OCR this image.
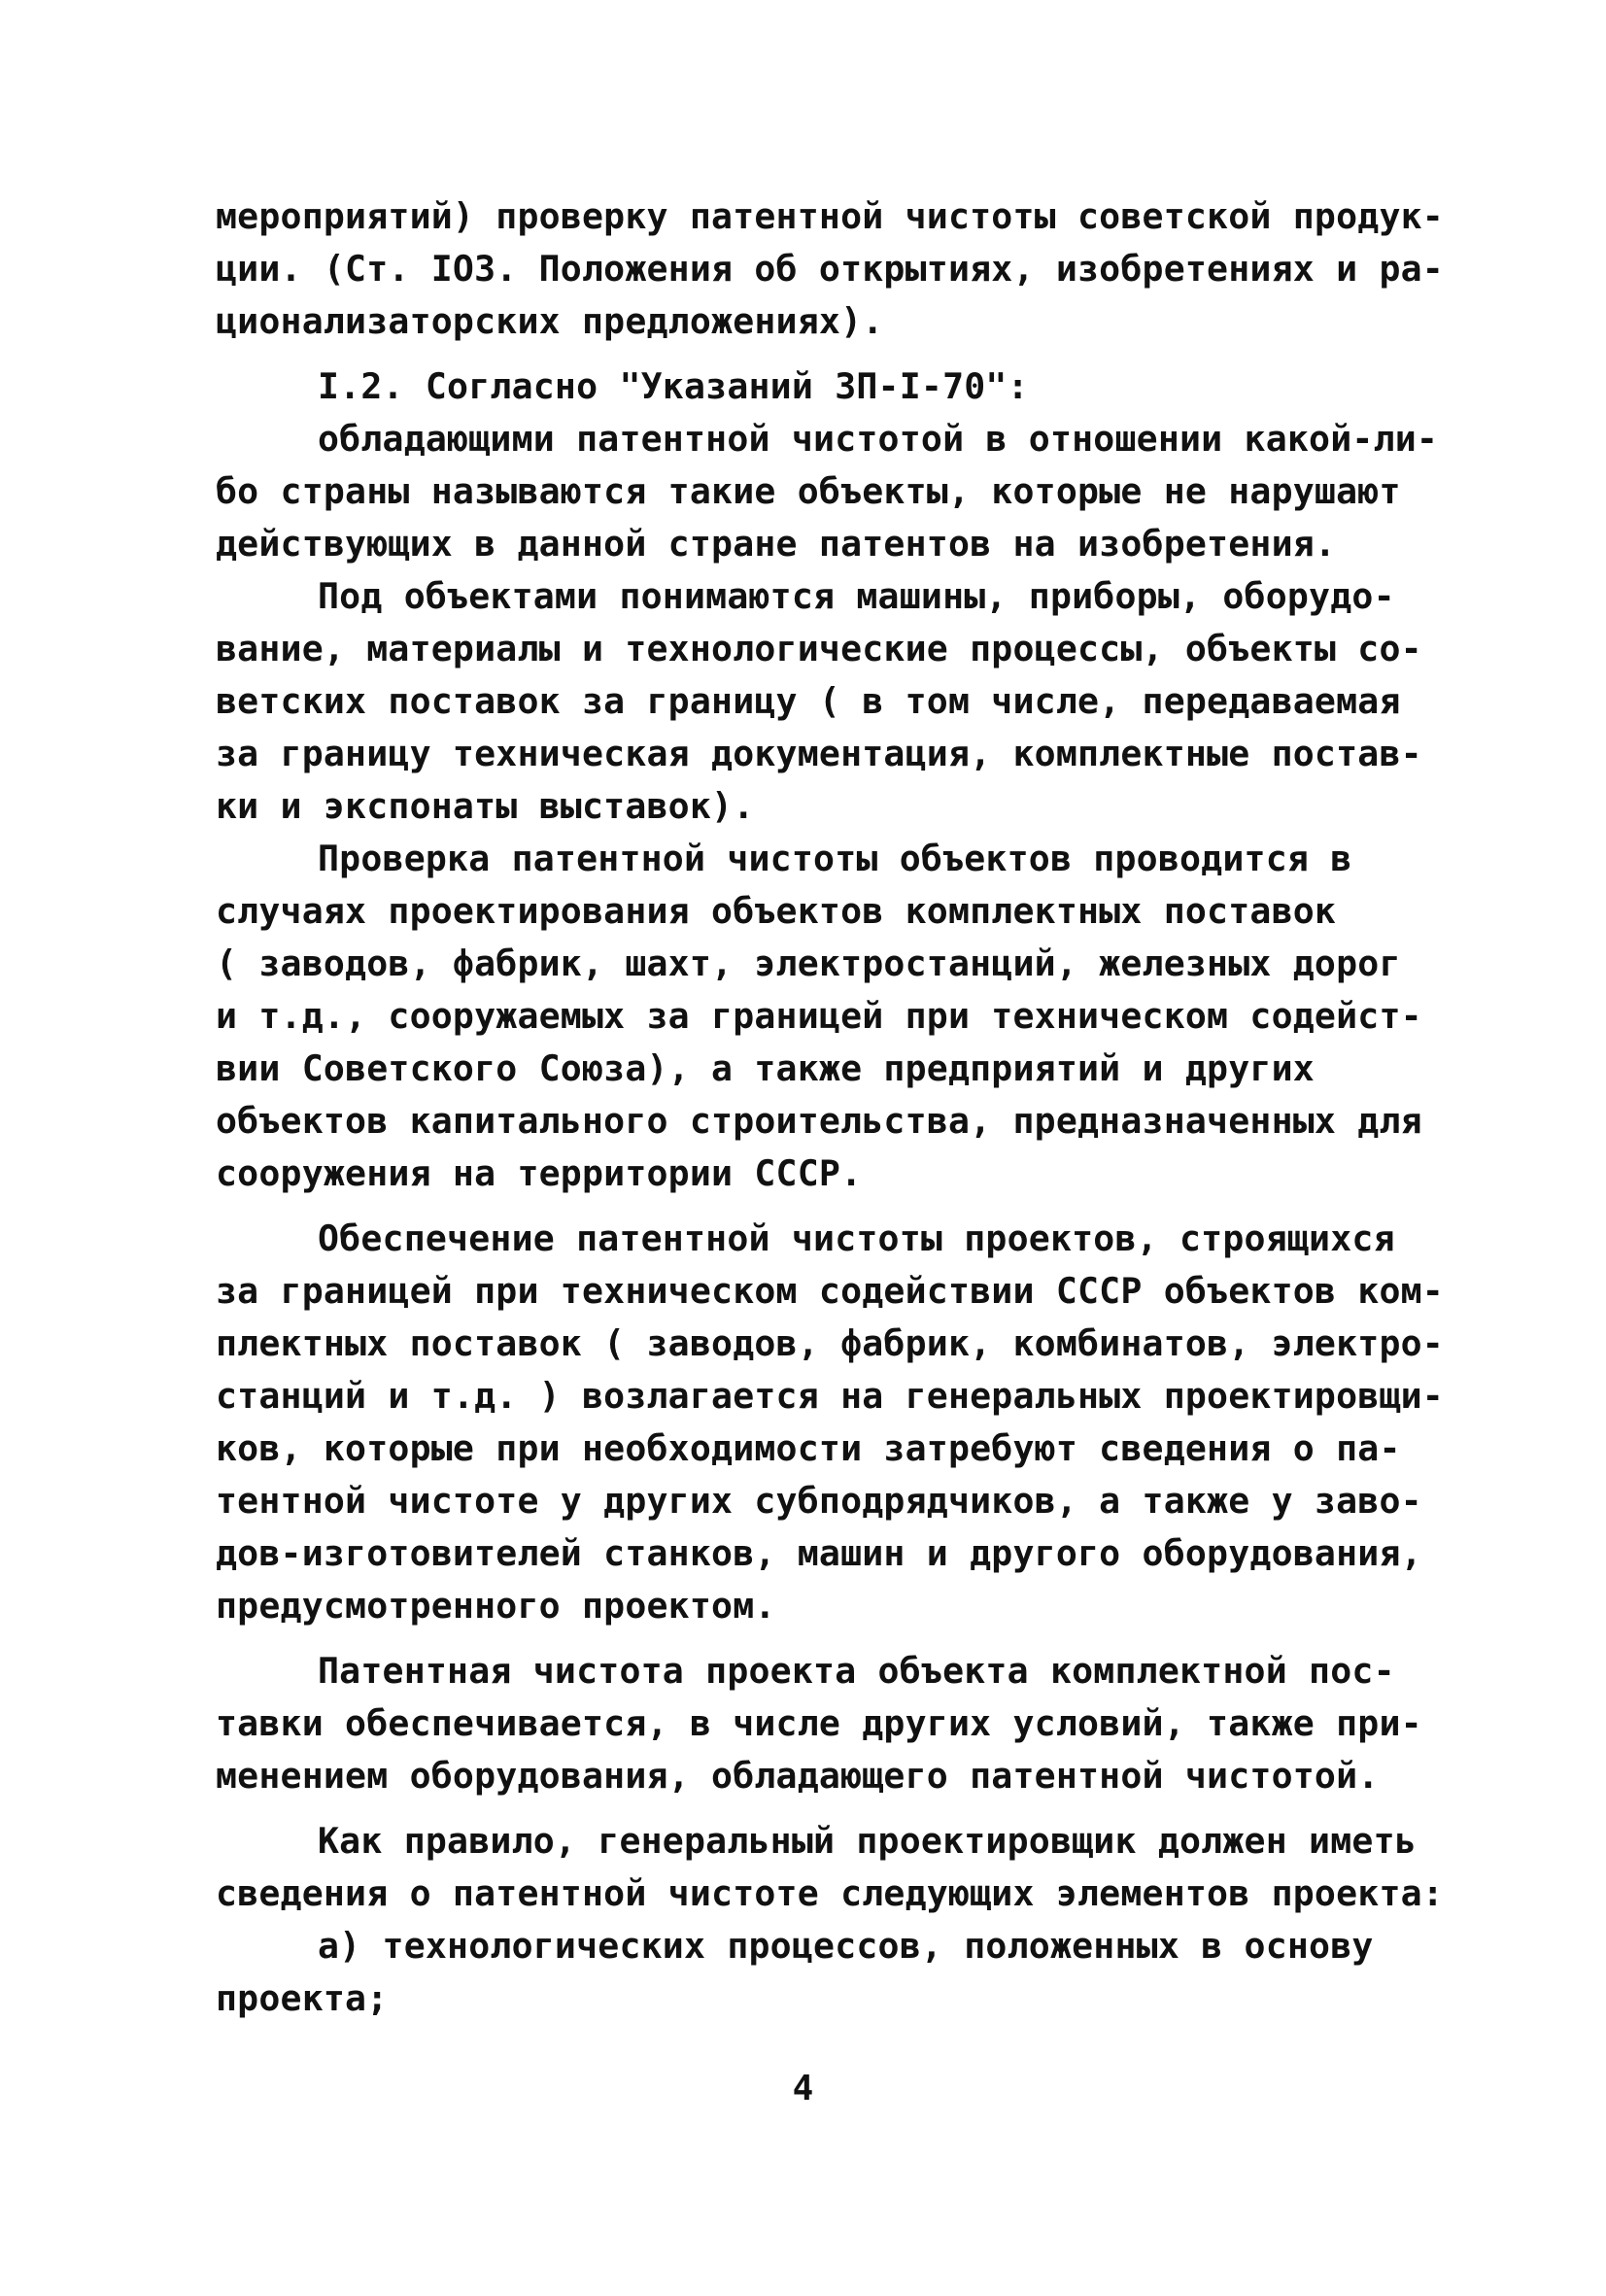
мероприятий) проверку патентной чистоты советской продук-
ции. (Ст. IO3. Положения об открытиях, изобретениях и ра-
ционализаторских предложениях).
I.2. Согласно "Указаний ЗП-I-70":
обладающими патентной чистотой в отношении какой-ли-
бо страны называются такие объекты, которые не нарушают
действующих в данной стране патентов на изобретения.
Под объектами понимаются машины, приборы, оборудо-
вание, материалы и технологические процессы, объекты со-
ветских поставок за границу ( в том числе, передаваемая
за границу техническая документация, комплектные постав-
ки и экспонаты выставок).
Проверка патентной чистоты объектов проводится в
случаях проектирования объектов комплектных поставок
( заводов, фабрик, шахт, электростанций, железных дорог
и т.д., сооружаемых за границей при техническом содейст-
вии Советского Союза), а также предприятий и других
объектов капитального строительства, предназначенных для
сооружения на территории СССР.
Обеспечение патентной чистоты проектов, строящихся
за границей при техническом содействии СССР объектов ком-
плектных поставок ( заводов, фабрик, комбинатов, электро-
станций и т.д. ) возлагается на генеральных проектировщи-
ков, которые при необходимости затребуют сведения о па-
тентной чистоте у других субподрядчиков, а также у заво-
дов-изготовителей станков, машин и другого оборудования,
предусмотренного проектом.
Патентная чистота проекта объекта комплектной пос-
тавки обеспечивается, в числе других условий, также при-
менением оборудования, обладающего патентной чистотой.
Как правило, генеральный проектировщик должен иметь
сведения о патентной чистоте следующих элементов проекта:
а) технологических процессов, положенных в основу
проекта;
4
